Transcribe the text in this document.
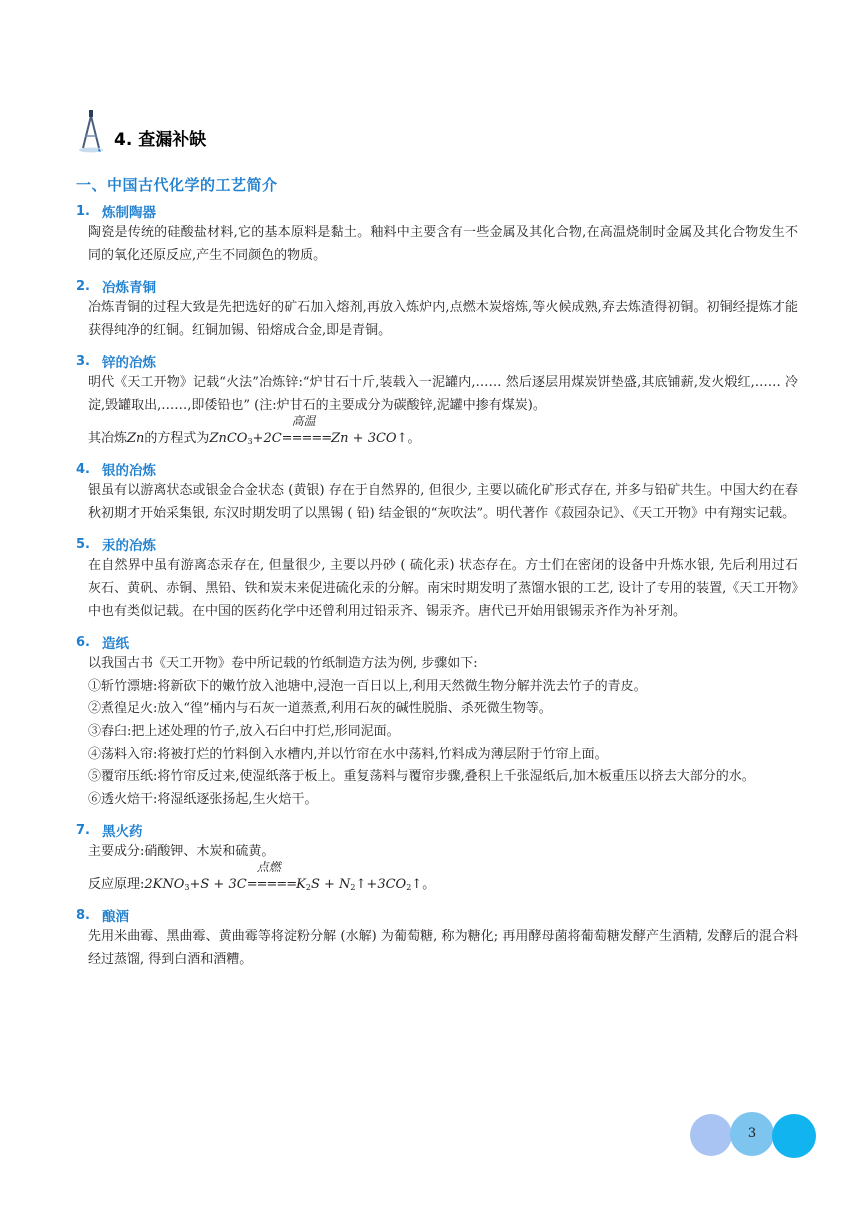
4. 查漏补缺
一、中国古代化学的工艺简介
1. 炼制陶器

陶瓷是传统的硅酸盐材料,它的基本原料是黏土。釉料中主要含有一些金属及其化合物,在高温烧制时金属及其化合物发生不同的氧化还原反应,产生不同颜色的物质。

2. 冶炼青铜

冶炼青铜的过程大致是先把选好的矿石加入熔剂,再放入炼炉内,点燃木炭熔炼,等火候成熟,弃去炼渣得初铜。初铜经提炼才能获得纯净的红铜。红铜加锡、铅熔成合金,即是青铜。

3. 锌的冶炼

明代《天工开物》记载“火法”冶炼锌:“炉甘石十斤,装载入一泥罐内,…… 然后逐层用煤炭饼垫盛,其底铺薪,发火煅红,…… 冷淀,毁罐取出,……,即倭铅也” (注:炉甘石的主要成分为碳酸锌,泥罐中掺有煤炭)。

其冶炼Zn的方程式为ZnCO$_3$+2C
高温
=====Zn + 3CO↑。
4. 银的冶炼

银虽有以游离状态或银金合金状态 (黄银) 存在于自然界的, 但很少, 主要以硫化矿形式存在, 并多与铅矿共生。中国大约在春秋初期才开始采集银, 东汉时期发明了以黑锡 ( 铅) 结金银的“灰吹法”。明代著作《菽园杂记》、《天工开物》中有翔实记载。

5. 汞的冶炼

在自然界中虽有游离态汞存在, 但量很少, 主要以丹砂 ( 硫化汞) 状态存在。方士们在密闭的设备中升炼水银, 先后利用过石灰石、黄矾、赤铜、黑铅、铁和炭末来促进硫化汞的分解。南宋时期发明了蒸馏水银的工艺, 设计了专用的装置,《天工开物》中也有类似记载。在中国的医药化学中还曾利用过铅汞齐、锡汞齐。唐代已开始用银锡汞齐作为补牙剂。

6. 造纸

以我国古书《天工开物》卷中所记载的竹纸制造方法为例, 步骤如下:

①斩竹漂塘:将新砍下的嫩竹放入池塘中,浸泡一百日以上,利用天然微生物分解并洗去竹子的青皮。

②煮徨足火:放入“徨”桶内与石灰一道蒸煮,利用石灰的碱性脱脂、杀死微生物等。

③舂臼:把上述处理的竹子,放入石臼中打烂,形同泥面。

④荡料入帘:将被打烂的竹料倒入水槽内,并以竹帘在水中荡料,竹料成为薄层附于竹帘上面。

⑤覆帘压纸:将竹帘反过来,使湿纸落于板上。重复荡料与覆帘步骤,叠积上千张湿纸后,加木板重压以挤去大部分的水。

⑥透火焙干:将湿纸逐张扬起,生火焙干。

7. 黑火药

主要成分:硝酸钾、木炭和硫黄。

反应原理$:2KNO_3+S + 3C$
点燃
$=====K_2S$ + $N_2↑+3CO_2↑$。
8. 酿酒

先用米曲霉、黑曲霉、黄曲霉等将淀粉分解 (水解) 为葡萄糖, 称为糖化; 再用酵母菌将葡萄糖发酵产生酒精, 发酵后的混合料经过蒸馏, 得到白酒和酒糟。

3
